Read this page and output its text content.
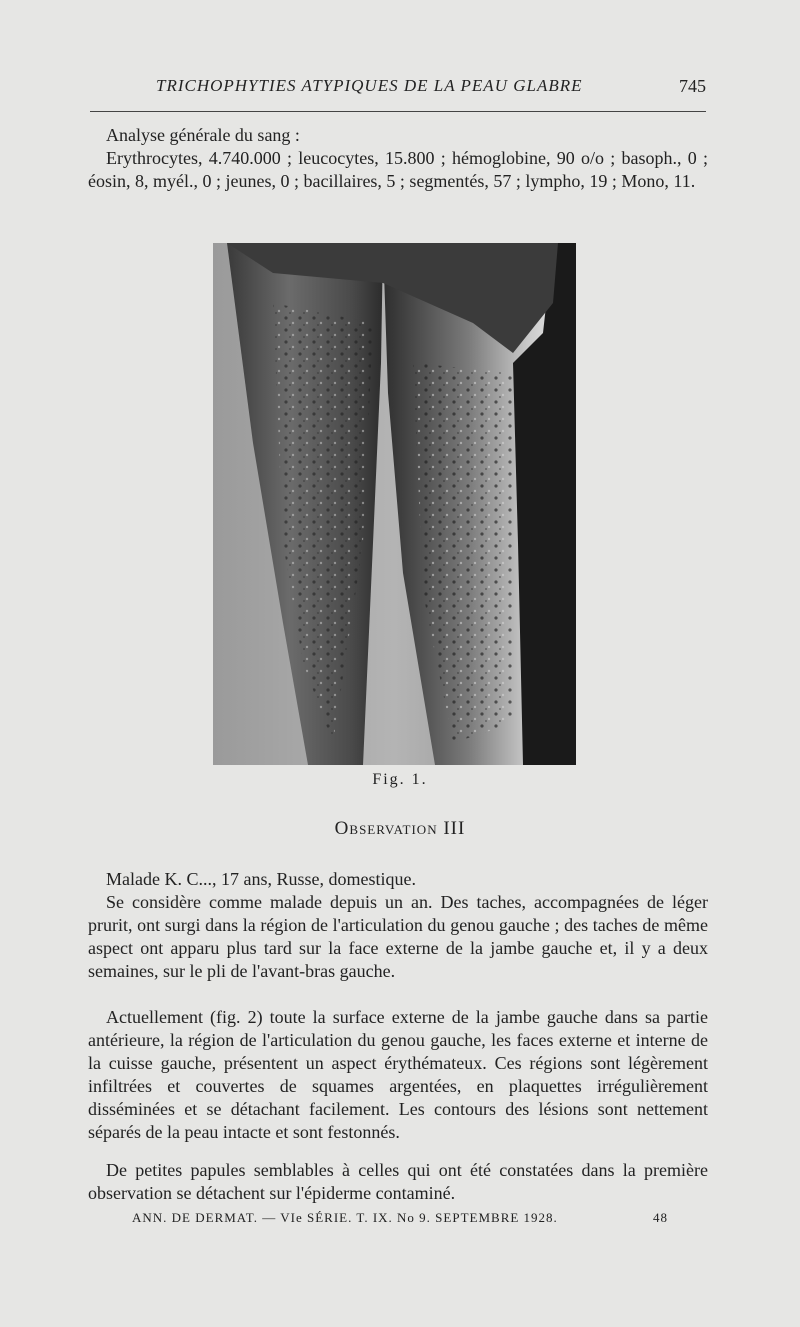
TRICHOPHYTIES ATYPIQUES DE LA PEAU GLABRE	745

Analyse générale du sang :

Erythrocytes, 4.740.000 ; leucocytes, 15.800 ; hémoglobine, 90 o/o ; basoph., 0 ; éosin, 8, myél., 0 ; jeunes, 0 ; bacillaires, 5 ; segmentés, 57 ; lympho, 19 ; Mono, 11.

Fig. 1.
Observation III

Malade K. C..., 17 ans, Russe, domestique.

Se considère comme malade depuis un an. Des taches, accompagnées de léger prurit, ont surgi dans la région de l'articulation du genou gauche ; des taches de même aspect ont apparu plus tard sur la face externe de la jambe gauche et, il y a deux semaines, sur le pli de l'avant-bras gauche.

Actuellement (fig. 2) toute la surface externe de la jambe gauche dans sa partie antérieure, la région de l'articulation du genou gauche, les faces externe et interne de la cuisse gauche, présentent un aspect érythémateux. Ces régions sont légèrement infiltrées et couvertes de squames argentées, en plaquettes irrégulièrement disséminées et se détachant facilement. Les contours des lésions sont nettement séparés de la peau intacte et sont festonnés.

De petites papules semblables à celles qui ont été constatées dans la première observation se détachent sur l'épiderme contaminé.

ANN. DE DERMAT. — VIe SÉRIE. T. IX. No 9. SEPTEMBRE 1928.	48
